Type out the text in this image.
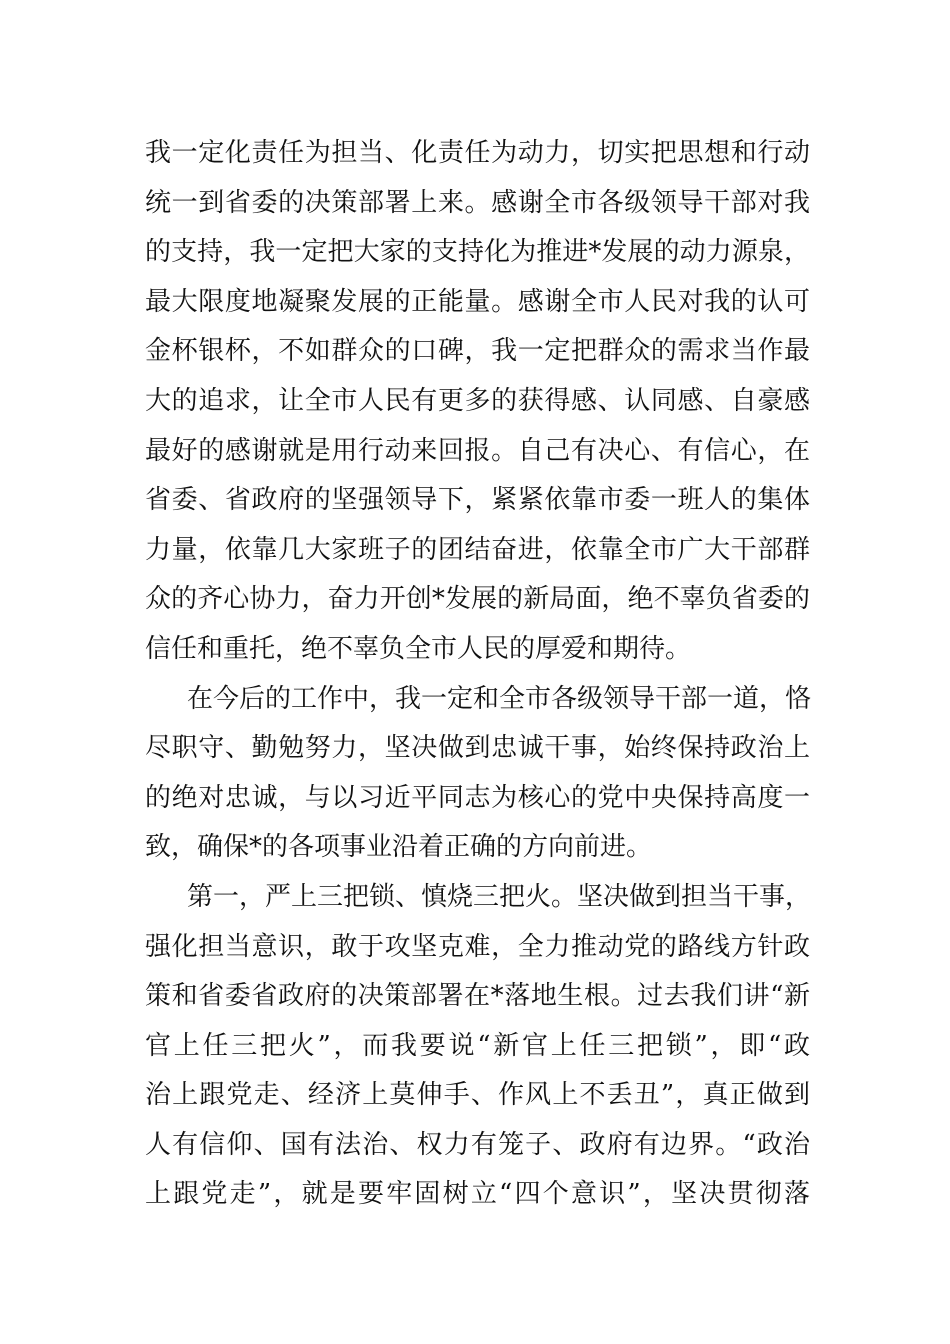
我一定化责任为担当、化责任为动力，切实把思想和行动
统一到省委的决策部署上来。感谢全市各级领导干部对我
的支持，我一定把大家的支持化为推进*发展的动力源泉，
最大限度地凝聚发展的正能量。感谢全市人民对我的认可
金杯银杯，不如群众的口碑，我一定把群众的需求当作最
大的追求，让全市人民有更多的获得感、认同感、自豪感
最好的感谢就是用行动来回报。自己有决心、有信心，在
省委、省政府的坚强领导下，紧紧依靠市委一班人的集体
力量，依靠几大家班子的团结奋进，依靠全市广大干部群
众的齐心协力，奋力开创*发展的新局面，绝不辜负省委的
信任和重托，绝不辜负全市人民的厚爱和期待。
在今后的工作中，我一定和全市各级领导干部一道，恪
尽职守、勤勉努力，坚决做到忠诚干事，始终保持政治上
的绝对忠诚，与以习近平同志为核心的党中央保持高度一
致，确保*的各项事业沿着正确的方向前进。
第一，严上三把锁、慎烧三把火。坚决做到担当干事，
强化担当意识，敢于攻坚克难，全力推动党的路线方针政
策和省委省政府的决策部署在*落地生根。过去我们讲“新
官上任三把火”，而我要说“新官上任三把锁”，即“政
治上跟党走、经济上莫伸手、作风上不丢丑”，真正做到
人有信仰、国有法治、权力有笼子、政府有边界。“政治
上跟党走”，就是要牢固树立“四个意识”，坚决贯彻落
